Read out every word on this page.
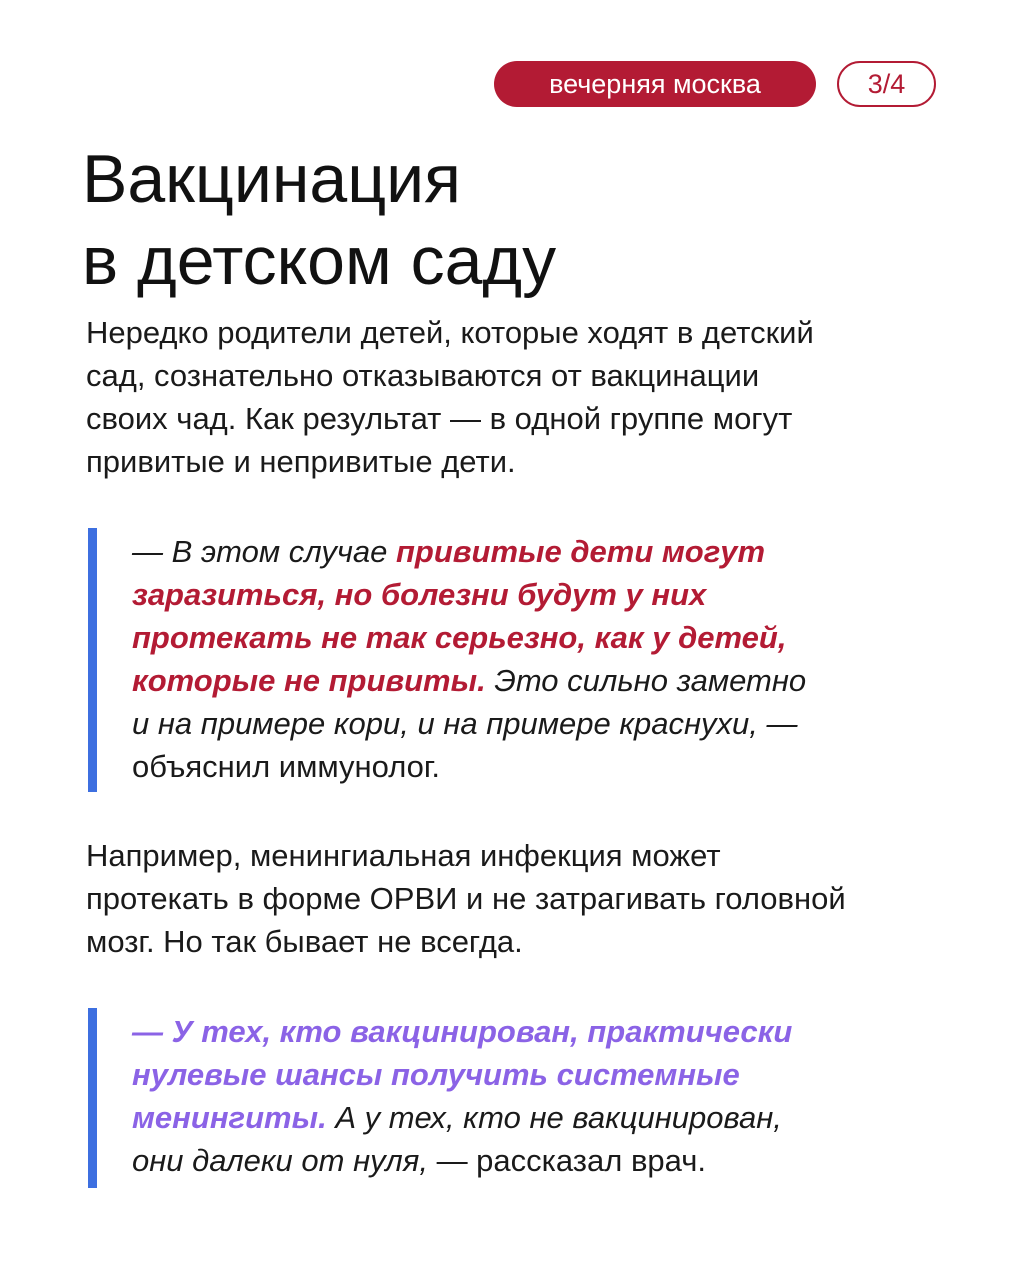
вечерняя москва	3/4
Вакцинация
в детском саду

Нередко родители детей, которые ходят в детский
сад, сознательно отказываются от вакцинации
своих чад. Как результат — в одной группе могут
привитые и непривитые дети.

— В этом случае привитые дети могут
заразиться, но болезни будут у них
протекать не так серьезно, как у детей,
которые не привиты. Это сильно заметно
и на примере кори, и на примере краснухи, —
объяснил иммунолог.

Например, менингиальная инфекция может
протекать в форме ОРВИ и не затрагивать головной
мозг. Но так бывает не всегда.

— У тех, кто вакцинирован, практически
нулевые шансы получить системные
менингиты. А у тех, кто не вакцинирован,
они далеки от нуля, — рассказал врач.
